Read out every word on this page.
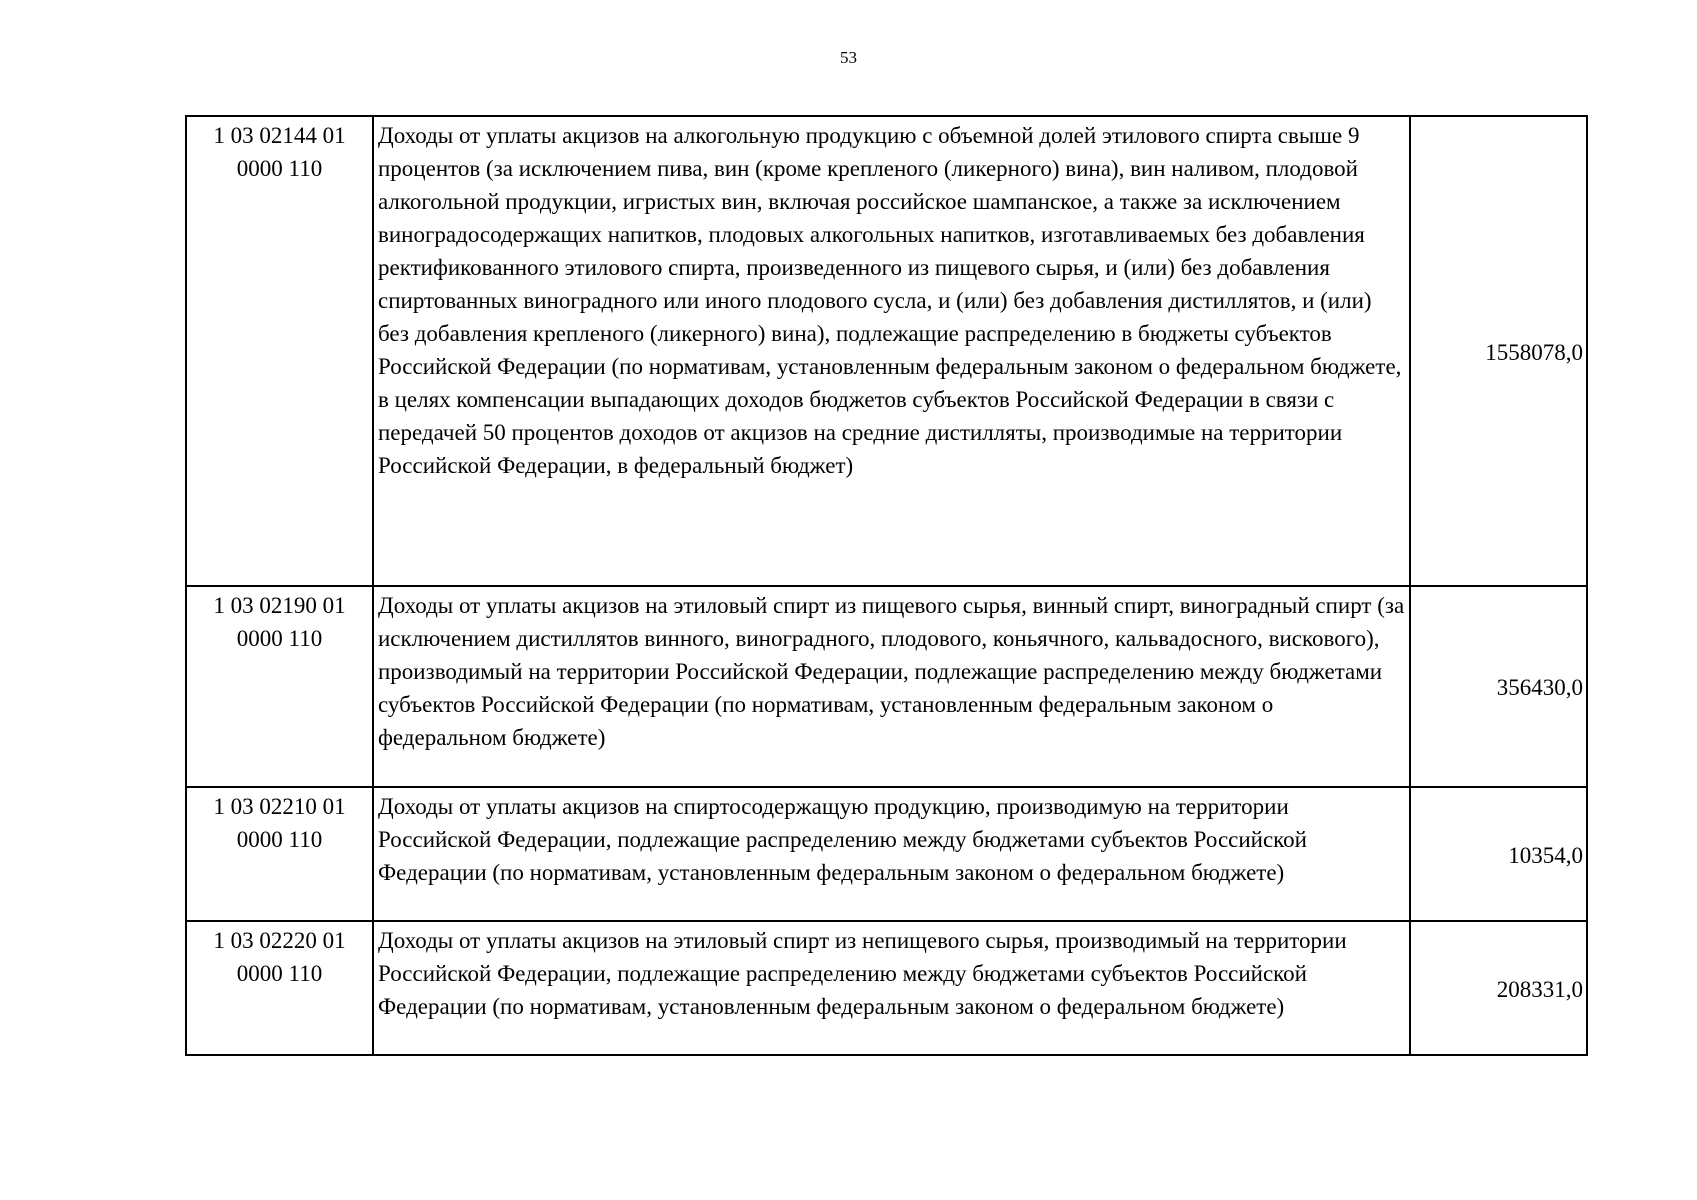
53
1 03 02144 01
0000 110	Доходы от уплаты акцизов на алкогольную продукцию с объемной долей этилового спирта свыше 9 процентов (за исключением пива, вин (кроме крепленого (ликерного) вина), вин наливом, плодовой алкогольной продукции, игристых вин, включая российское шампанское, а также за исключением виноградосодержащих напитков, плодовых алкогольных напитков, изготавливаемых без добавления ректификованного этилового спирта, произведенного из пищевого сырья, и (или) без добавления спиртованных виноградного или иного плодового сусла, и (или) без добавления дистиллятов, и (или) без добавления крепленого (ликерного) вина), подлежащие распределению в бюджеты субъектов Российской Федерации (по нормативам, установленным федеральным законом о федеральном бюджете, в целях компенсации выпадающих доходов бюджетов субъектов Российской Федерации в связи с передачей 50 процентов доходов от акцизов на средние дистилляты, производимые на территории Российской Федерации, в федеральный бюджет)	1558078,0

1 03 02190 01
0000 110	Доходы от уплаты акцизов на этиловый спирт из пищевого сырья, винный спирт, виноградный спирт (за исключением дистиллятов винного, виноградного, плодового, коньячного, кальвадосного, вискового), производимый на территории Российской Федерации, подлежащие распределению между бюджетами субъектов Российской Федерации (по нормативам, установленным федеральным законом о федеральном бюджете)	356430,0

1 03 02210 01
0000 110	Доходы от уплаты акцизов на спиртосодержащую продукцию, производимую на территории Российской Федерации, подлежащие распределению между бюджетами субъектов Российской Федерации (по нормативам, установленным федеральным законом о федеральном бюджете)	10354,0

1 03 02220 01
0000 110	Доходы от уплаты акцизов на этиловый спирт из непищевого сырья, производимый на территории Российской Федерации, подлежащие распределению между бюджетами субъектов Российской Федерации (по нормативам, установленным федеральным законом о федеральном бюджете)	208331,0
